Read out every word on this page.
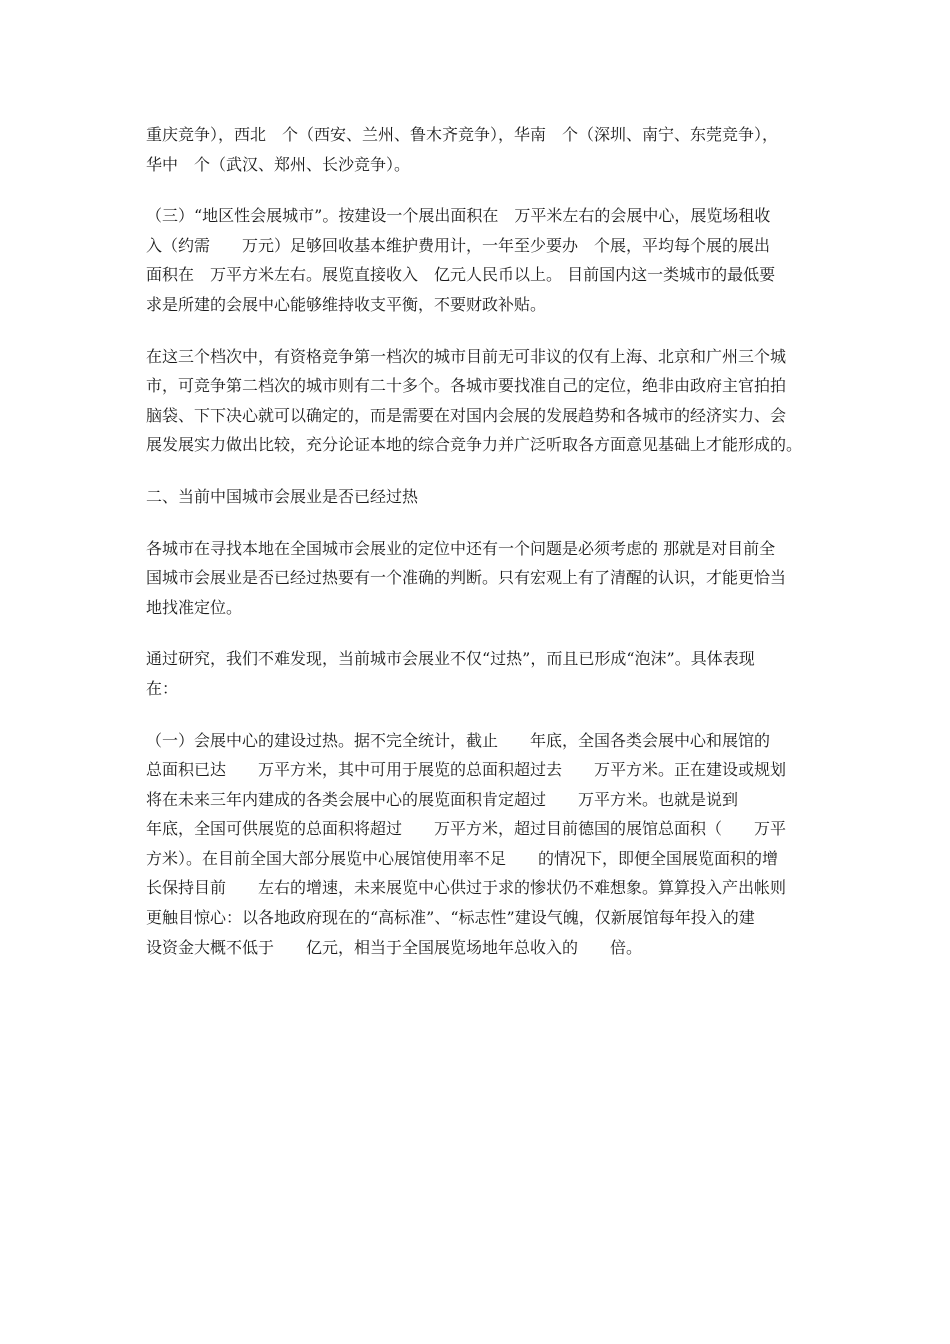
重庆竞争），西北　个（西安、兰州、鲁木齐竞争），华南　个（深圳、南宁、东莞竞争），
华中　个（武汉、郑州、长沙竞争）。

（三）“地区性会展城市”。按建设一个展出面积在　万平米左右的会展中心，展览场租收
入（约需　　万元）足够回收基本维护费用计，一年至少要办　个展，平均每个展的展出
面积在　万平方米左右。展览直接收入　亿元人民币以上。 目前国内这一类城市的最低要
求是所建的会展中心能够维持收支平衡，不要财政补贴。

在这三个档次中，有资格竞争第一档次的城市目前无可非议的仅有上海、北京和广州三个城
市，可竞争第二档次的城市则有二十多个。各城市要找准自己的定位，绝非由政府主官拍拍
脑袋、下下决心就可以确定的，而是需要在对国内会展的发展趋势和各城市的经济实力、会
展发展实力做出比较，充分论证本地的综合竞争力并广泛听取各方面意见基础上才能形成的。

二、当前中国城市会展业是否已经过热

各城市在寻找本地在全国城市会展业的定位中还有一个问题是必须考虑的 那就是对目前全
国城市会展业是否已经过热要有一个准确的判断。只有宏观上有了清醒的认识，才能更恰当
地找准定位。

通过研究，我们不难发现，当前城市会展业不仅“过热”，而且已形成“泡沫”。具体表现
在：

（一）会展中心的建设过热。据不完全统计，截止　　年底，全国各类会展中心和展馆的
总面积已达　　万平方米，其中可用于展览的总面积超过去　　万平方米。正在建设或规划
将在未来三年内建成的各类会展中心的展览面积肯定超过　　万平方米。也就是说到
年底，全国可供展览的总面积将超过　　万平方米，超过目前德国的展馆总面积（　　万平
方米）。在目前全国大部分展览中心展馆使用率不足　　的情况下，即便全国展览面积的增
长保持目前　　左右的增速，未来展览中心供过于求的惨状仍不难想象。算算投入产出帐则
更触目惊心：以各地政府现在的“高标准”、“标志性”建设气魄，仅新展馆每年投入的建
设资金大概不低于　　亿元，相当于全国展览场地年总收入的　　倍。
